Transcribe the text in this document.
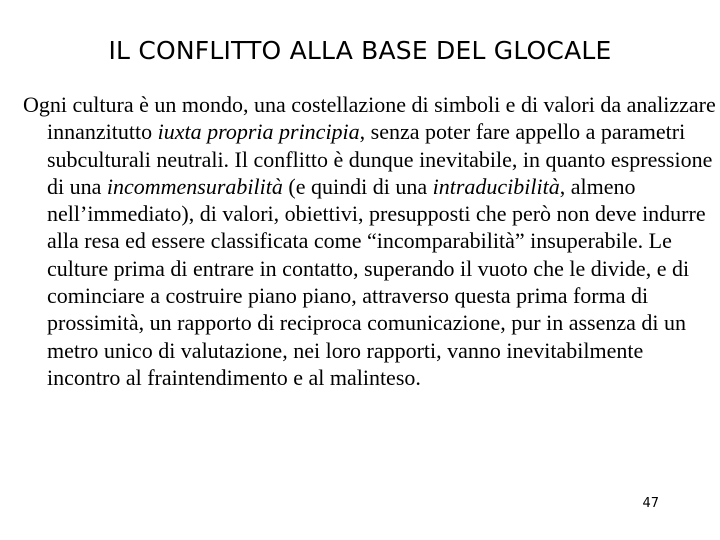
IL CONFLITTO ALLA BASE DEL GLOCALE

Ogni cultura è un mondo, una costellazione di simboli e di valori da analizzare innanzitutto iuxta propria principia, senza poter fare appello a parametri subculturali neutrali. Il conflitto è dunque inevitabile, in quanto espressione di una incommensurabilità (e quindi di una intraducibilità, almeno nell’immediato), di valori, obiettivi, presupposti che però non deve indurre alla resa ed essere classificata come “incomparabilità” insuperabile. Le culture prima di entrare in contatto, superando il vuoto che le divide, e di cominciare a costruire piano piano, attraverso questa prima forma di prossimità, un rapporto di reciproca comunicazione, pur in assenza di un metro unico di valutazione, nei loro rapporti, vanno inevitabilmente incontro al fraintendimento e al malinteso.

47
